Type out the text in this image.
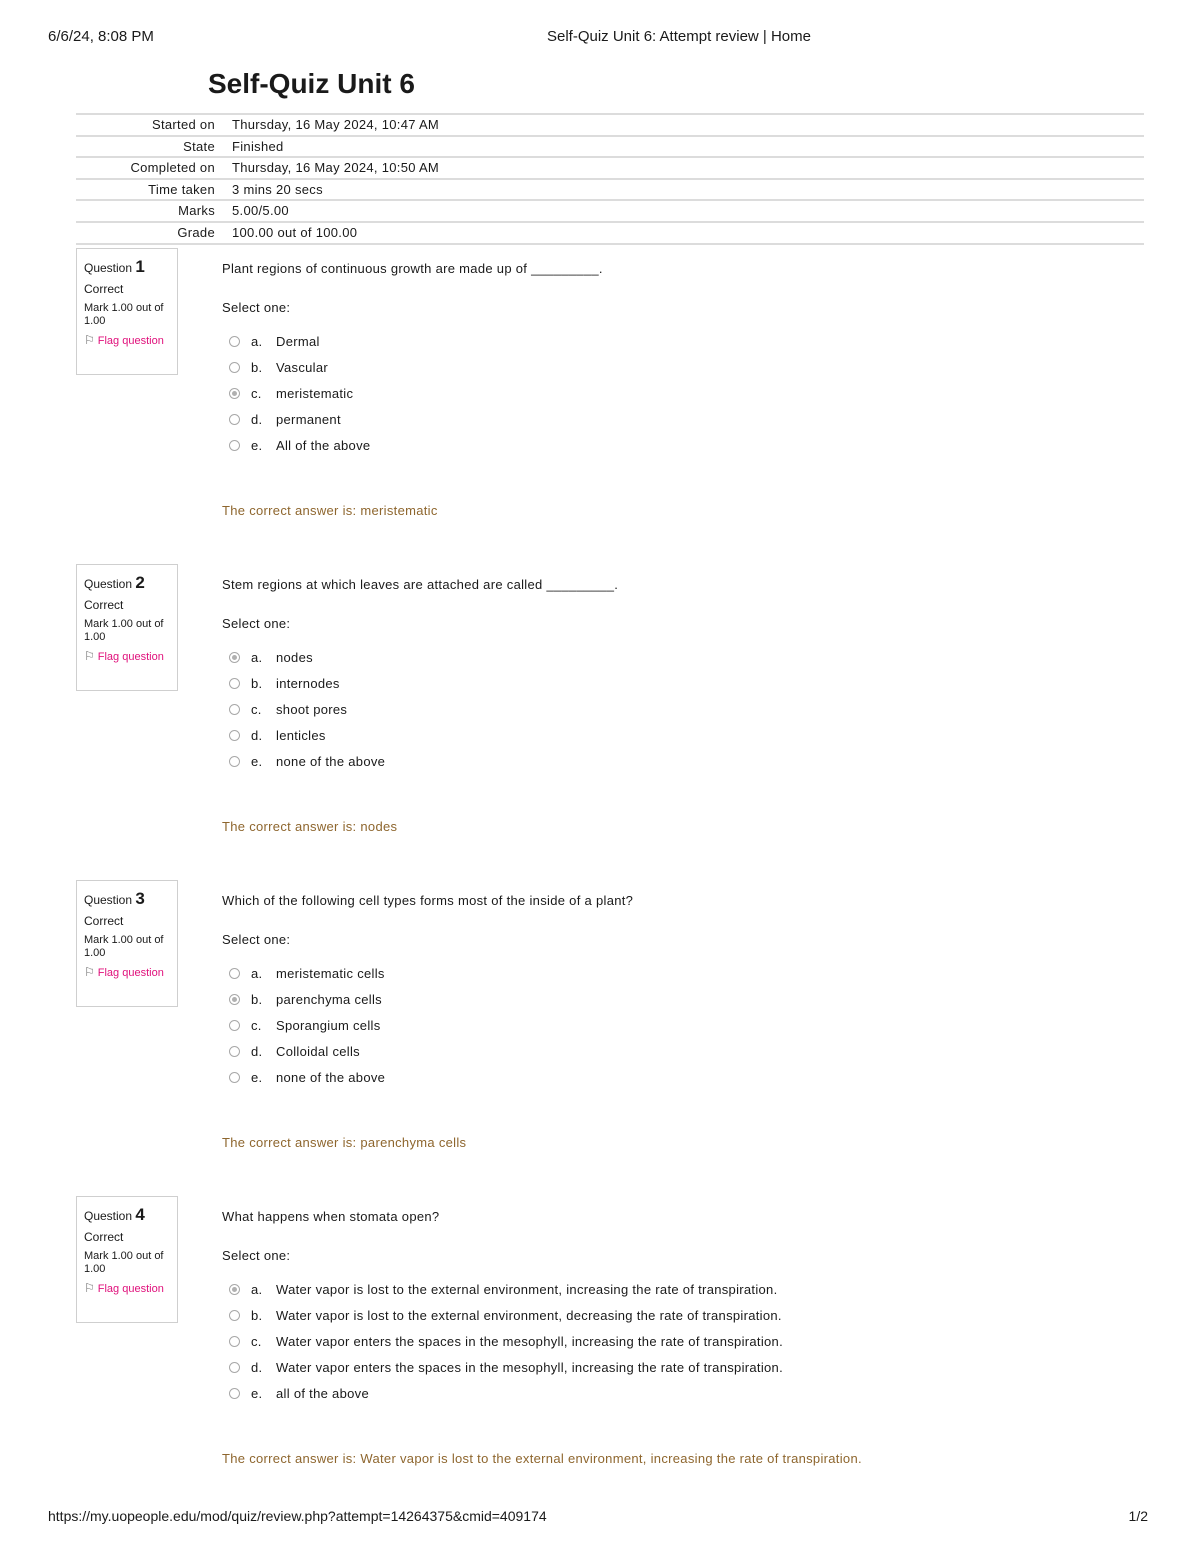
6/6/24, 8:08 PM	Self-Quiz Unit 6: Attempt review | Home
Self-Quiz Unit 6
Started on Thursday, 16 May 2024, 10:47 AM
State Finished
Completed on Thursday, 16 May 2024, 10:50 AM
Time taken 3 mins 20 secs
Marks 5.00/5.00
Grade 100.00 out of 100.00
Question 1
Correct
Mark 1.00 out of 1.00
⚐ Flag question
Plant regions of continuous growth are made up of _________.
Select one:
a.	Dermal
b.	Vascular
c.	meristematic
d.	permanent
e.	All of the above
The correct answer is: meristematic
Question 2
Correct
Mark 1.00 out of 1.00
⚐ Flag question
Stem regions at which leaves are attached are called _________.
Select one:
a.	nodes
b.	internodes
c.	shoot pores
d.	lenticles
e.	none of the above
The correct answer is: nodes
Question 3
Correct
Mark 1.00 out of 1.00
⚐ Flag question
Which of the following cell types forms most of the inside of a plant?
Select one:
a.	meristematic cells
b.	parenchyma cells
c.	Sporangium cells
d.	Colloidal cells
e.	none of the above
The correct answer is: parenchyma cells
Question 4
Correct
Mark 1.00 out of 1.00
⚐ Flag question
What happens when stomata open?
Select one:
a.	Water vapor is lost to the external environment, increasing the rate of transpiration.
b.	Water vapor is lost to the external environment, decreasing the rate of transpiration.
c.	Water vapor enters the spaces in the mesophyll, increasing the rate of transpiration.
d.	Water vapor enters the spaces in the mesophyll, increasing the rate of transpiration.
e.	all of the above
The correct answer is: Water vapor is lost to the external environment, increasing the rate of transpiration.
https://my.uopeople.edu/mod/quiz/review.php?attempt=14264375&cmid=409174	1/2
